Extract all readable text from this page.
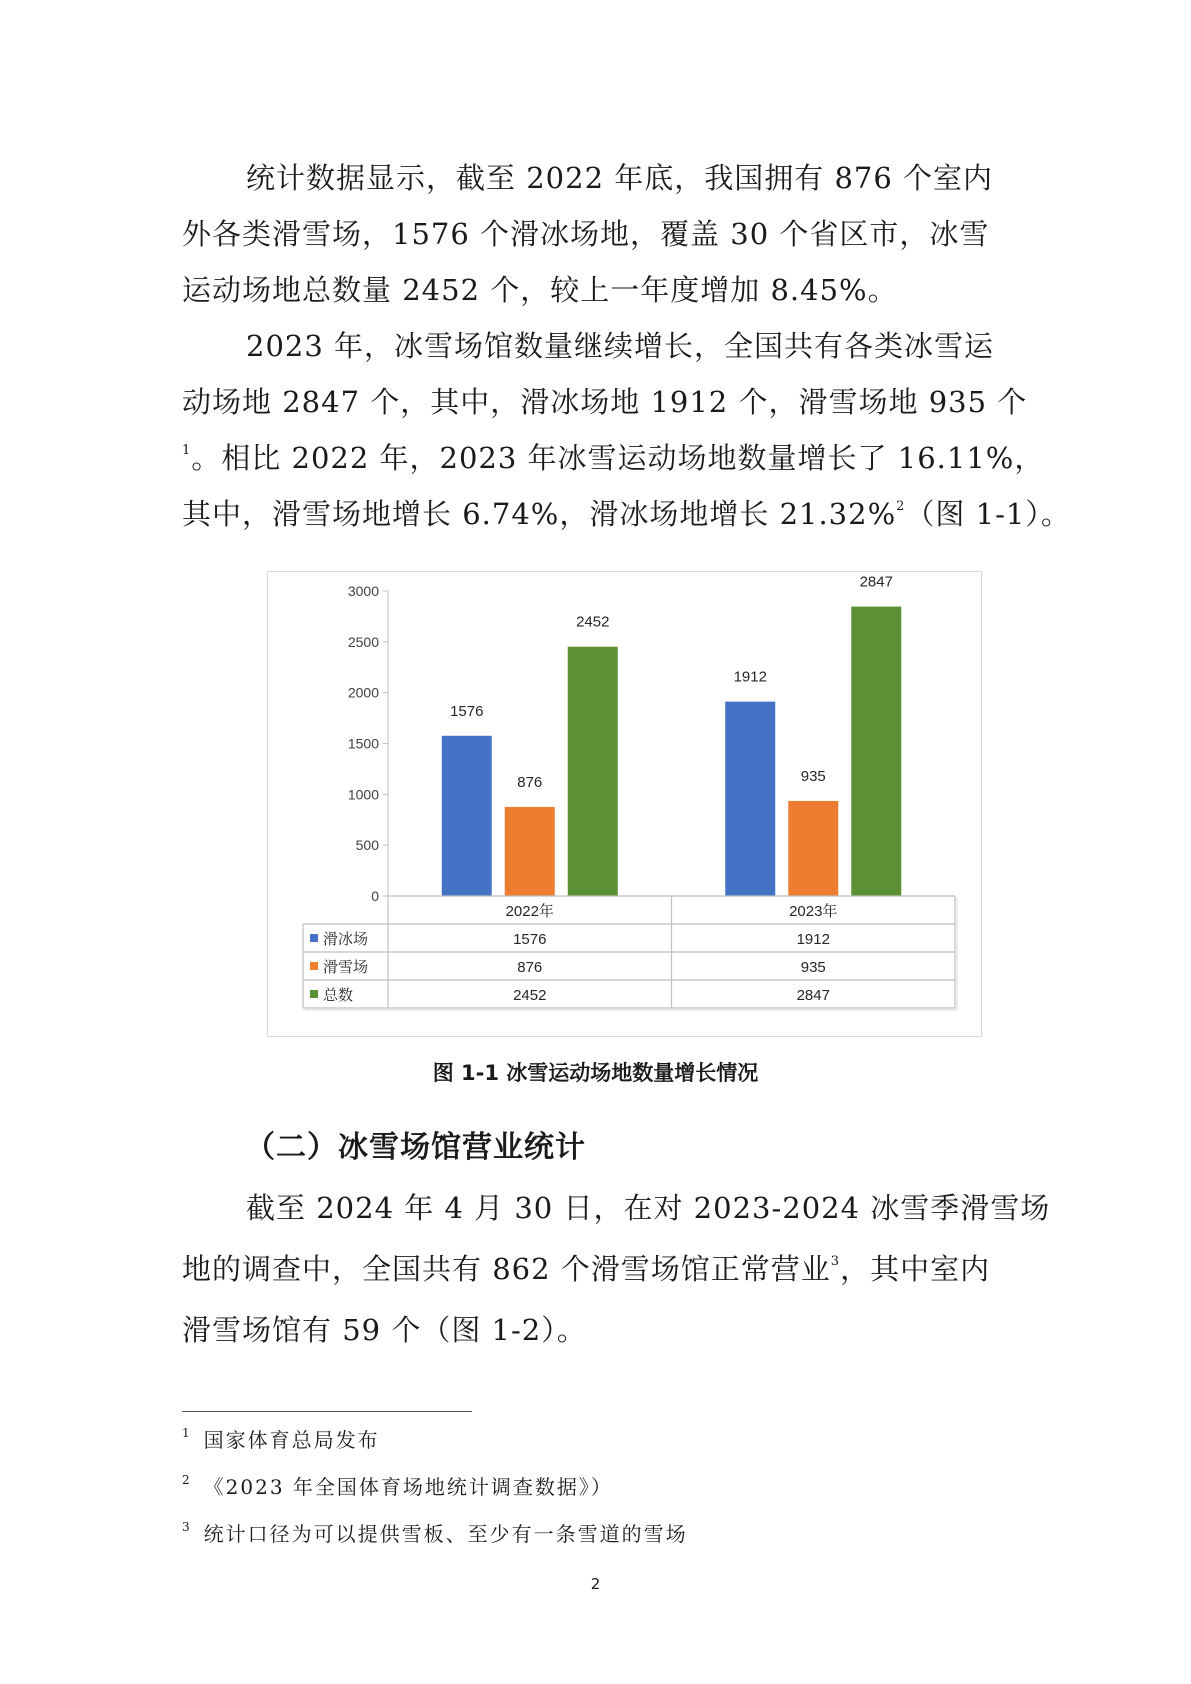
统计数据显示，截至 2022 年底，我国拥有 876 个室内
外各类滑雪场，1576 个滑冰场地，覆盖 30 个省区市，冰雪
运动场地总数量 2452 个，较上一年度增加 8.45%。
2023 年，冰雪场馆数量继续增长，全国共有各类冰雪运
动场地 2847 个，其中，滑冰场地 1912 个，滑雪场地 935 个
$^1$。相比 2022 年，2023 年冰雪运动场地数量增长了 16.11%，
其中，滑雪场地增长 6.74%，滑冰场地增长 21.32%$^2$（图 1-1）。
0
500
1000
1500
2000
2500
3000
1576
876
2452
1912
935
2847
2022年	2023年
滑冰场	1576	1912
滑雪场	876	935
总数	2452	2847
图 1-1 冰雪运动场地数量增长情况
（二）冰雪场馆营业统计
截至 2024 年 4 月 30 日，在对 2023-2024 冰雪季滑雪场
地的调查中，全国共有 862 个滑雪场馆正常营业$^3$，其中室内
滑雪场馆有 59 个（图 1-2）。
$^1$ 国家体育总局发布
$^2$ 《2023 年全国体育场地统计调查数据》）
$^3$ 统计口径为可以提供雪板、至少有一条雪道的雪场
2
